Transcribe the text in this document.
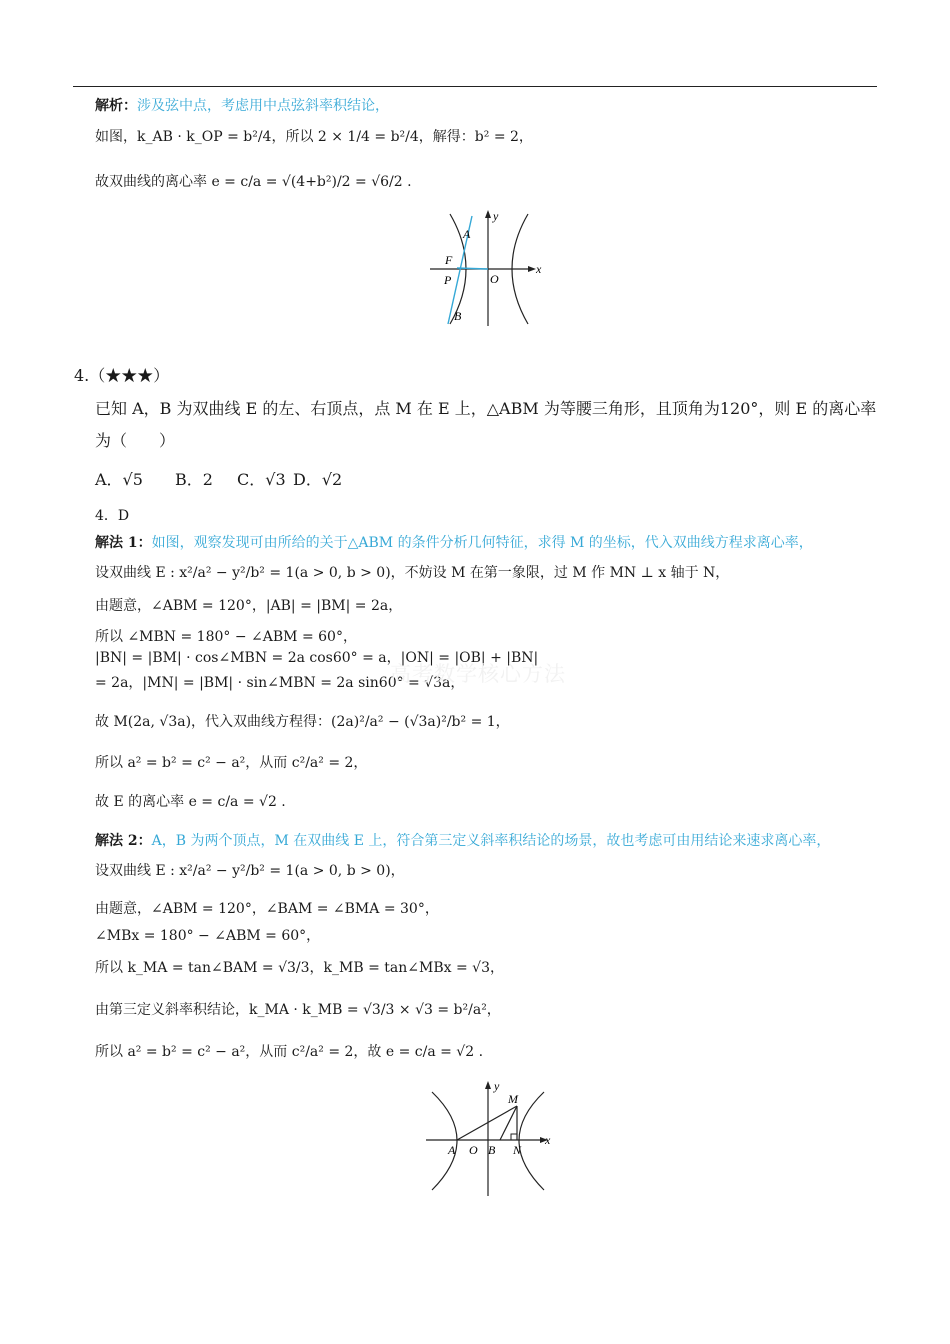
解析：涉及弦中点，考虑用中点弦斜率积结论，
如图，k_AB · k_OP = b²/4，所以 2 × 1/4 = b²/4，解得：b² = 2，
故双曲线的离心率 e = c/a = √(4+b²)/2 = √6/2 .
y
x
A
F
P	O
B
4.（★★★）
已知 A，B 为双曲线 E 的左、右顶点，点 M 在 E 上，△ABM 为等腰三角形，且顶角为120°，则 E 的离心率
为（　　）
A．√5 B．2 C．√3 D．√2
4．D
解法 1：如图，观察发现可由所给的关于△ABM 的条件分析几何特征，求得 M 的坐标，代入双曲线方程求离心率，
设双曲线 E : x²/a² − y²/b² = 1(a > 0, b > 0)，不妨设 M 在第一象限，过 M 作 MN ⊥ x 轴于 N，
由题意，∠ABM = 120°，|AB| = |BM| = 2a，
所以 ∠MBN = 180° − ∠ABM = 60°，
|BN| = |BM| · cos∠MBN = 2a cos60° = a，|ON| = |OB| + |BN|
= 2a，|MN| = |BM| · sin∠MBN = 2a sin60° = √3a，
故 M(2a, √3a)，代入双曲线方程得：(2a)²/a² − (√3a)²/b² = 1，
所以 a² = b² = c² − a²，从而 c²/a² = 2，
故 E 的离心率 e = c/a = √2 .
高考数学核心方法
解法 2：A，B 为两个顶点，M 在双曲线 E 上，符合第三定义斜率积结论的场景，故也考虑可由用结论来速求离心率，
设双曲线 E : x²/a² − y²/b² = 1(a > 0, b > 0)，
由题意，∠ABM = 120°，∠BAM = ∠BMA = 30°，
∠MBx = 180° − ∠ABM = 60°，
所以 k_MA = tan∠BAM = √3/3，k_MB = tan∠MBx = √3，
由第三定义斜率积结论，k_MA · k_MB = √3/3 × √3 = b²/a²，
所以 a² = b² = c² − a²，从而 c²/a² = 2，故 e = c/a = √2 .
y
x
M
A O B N
